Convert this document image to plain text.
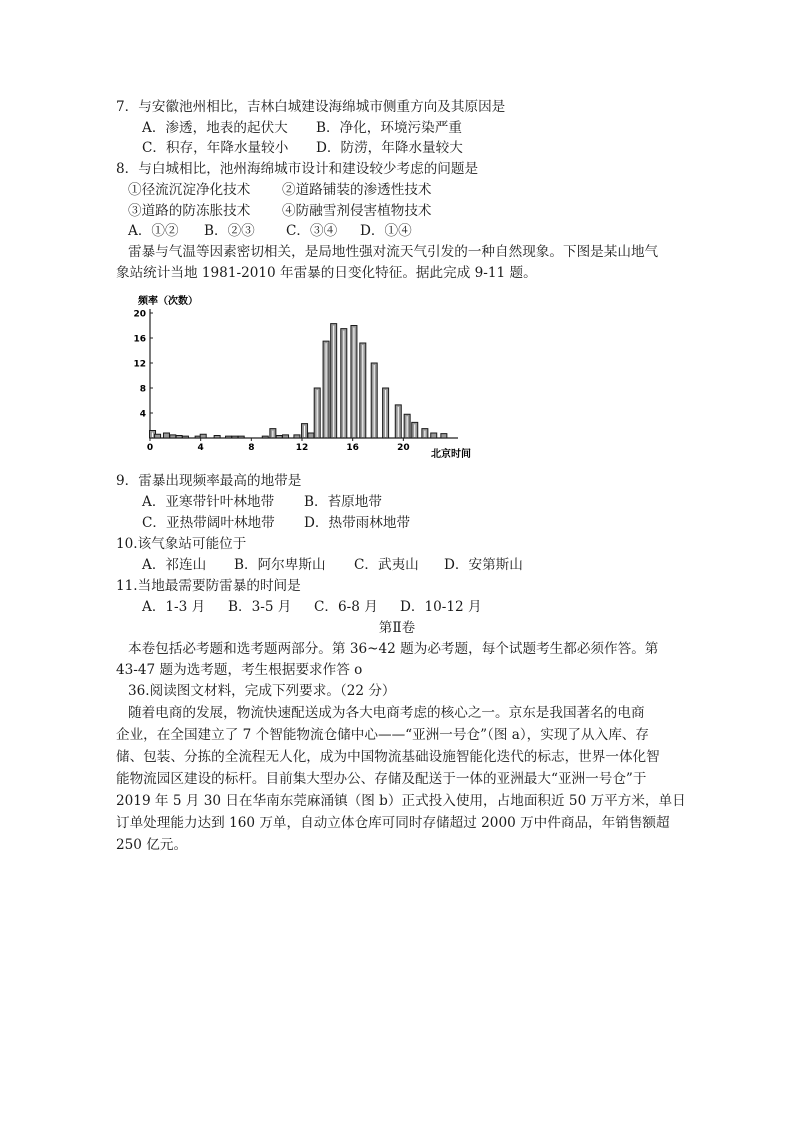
7．与安徽池州相比，吉林白城建设海绵城市侧重方向及其原因是
A．渗透，地表的起伏大 B．净化，环境污染严重
C．积存，年降水量较小 D．防涝，年降水量较大
8．与白城相比，池州海绵城市设计和建设较少考虑的问题是
①径流沉淀净化技术 ②道路铺装的渗透性技术
③道路的防冻胀技术 ④防融雪剂侵害植物技术
A．①② B．②③ C．③④ D．①④
雷暴与气温等因素密切相关，是局地性强对流天气引发的一种自然现象。下图是某山地气
象站统计当地 1981-2010 年雷暴的日变化特征。据此完成 9-11 题。
4
8
12
16
20
0	4	8	12	16	20
频率（次数）
北京时间
9．雷暴出现频率最高的地带是
A．亚寒带针叶林地带 B．苔原地带
C．亚热带阔叶林地带 D．热带雨林地带
10.该气象站可能位于
A．祁连山 B．阿尔卑斯山 C．武夷山 D．安第斯山
11.当地最需要防雷暴的时间是
A．1-3 月 B．3-5 月 C．6-8 月 D．10-12 月
第Ⅱ卷
本卷包括必考题和选考题两部分。第 36~42 题为必考题，每个试题考生都必须作答。第
43-47 题为选考题，考生根据要求作答 o
36.阅读图文材料，完成下列要求。（22 分）
随着电商的发展，物流快速配送成为各大电商考虑的核心之一。京东是我国著名的电商
企业，在全国建立了 7 个智能物流仓储中心——“亚洲一号仓”（图 a），实现了从入库、存
储、包装、分拣的全流程无人化，成为中国物流基础设施智能化迭代的标志，世界一体化智
能物流园区建设的标杆。目前集大型办公、存储及配送于一体的亚洲最大“亚洲一号仓”于
2019 年 5 月 30 日在华南东莞麻涌镇（图 b）正式投入使用，占地面积近 50 万平方米，单日
订单处理能力达到 160 万单，自动立体仓库可同时存储超过 2000 万中件商品，年销售额超
250 亿元。
